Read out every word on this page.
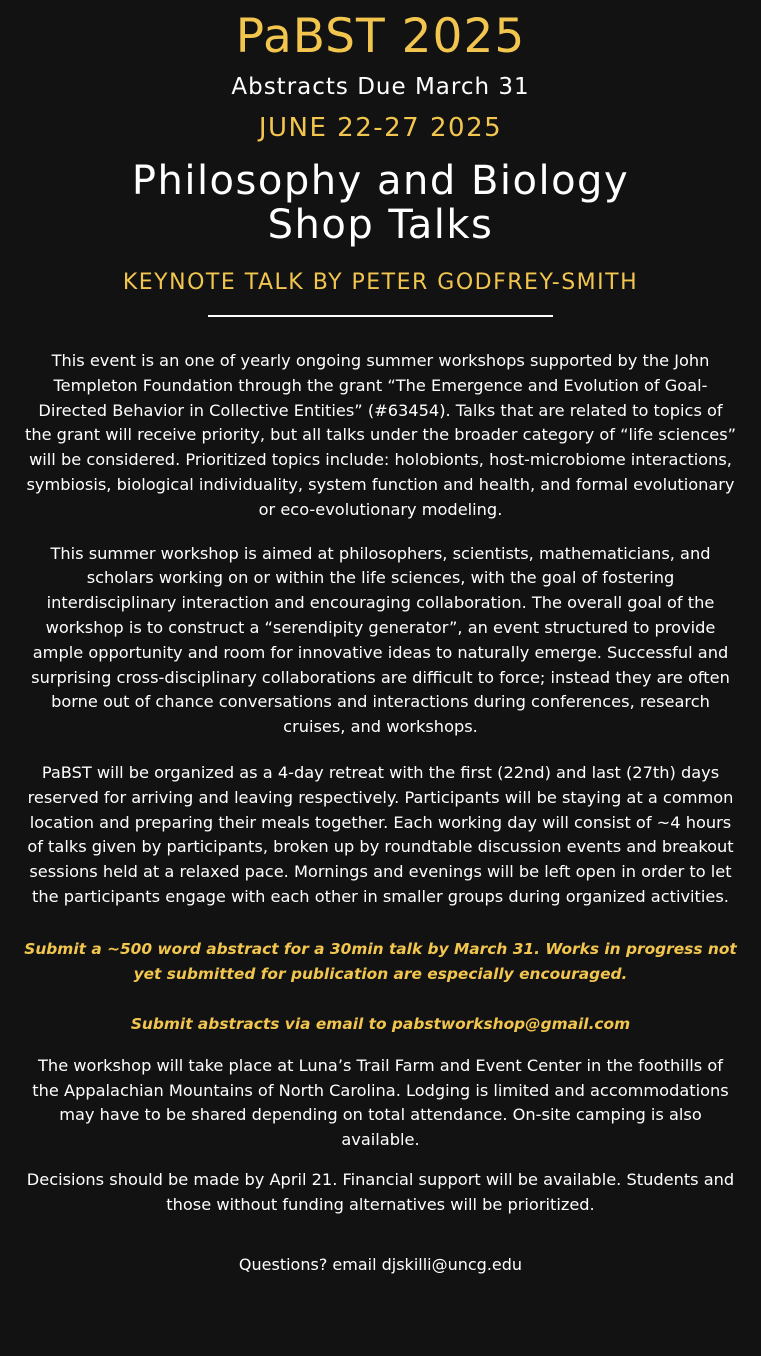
PaBST 2025
Abstracts Due March 31
JUNE 22-27 2025
Philosophy and Biology
Shop Talks
KEYNOTE TALK BY PETER GODFREY-SMITH

This event is an one of yearly ongoing summer workshops supported by the John Templeton Foundation through the grant “The Emergence and Evolution of Goal-Directed Behavior in Collective Entities” (#63454). Talks that are related to topics of the grant will receive priority, but all talks under the broader category of “life sciences” will be considered. Prioritized topics include: holobionts, host-microbiome interactions, symbiosis, biological individuality, system function and health, and formal evolutionary or eco-evolutionary modeling.

This summer workshop is aimed at philosophers, scientists, mathematicians, and scholars working on or within the life sciences, with the goal of fostering interdisciplinary interaction and encouraging collaboration. The overall goal of the workshop is to construct a “serendipity generator”, an event structured to provide ample opportunity and room for innovative ideas to naturally emerge. Successful and surprising cross-disciplinary collaborations are difficult to force; instead they are often borne out of chance conversations and interactions during conferences, research cruises, and workshops.

PaBST will be organized as a 4-day retreat with the first (22nd) and last (27th) days reserved for arriving and leaving respectively. Participants will be staying at a common location and preparing their meals together. Each working day will consist of ~4 hours of talks given by participants, broken up by roundtable discussion events and breakout sessions held at a relaxed pace. Mornings and evenings will be left open in order to let the participants engage with each other in smaller groups during organized activities.

Submit a ~500 word abstract for a 30min talk by March 31. Works in progress not yet submitted for publication are especially encouraged.

Submit abstracts via email to pabstworkshop@gmail.com

The workshop will take place at Luna’s Trail Farm and Event Center in the foothills of the Appalachian Mountains of North Carolina. Lodging is limited and accommodations may have to be shared depending on total attendance. On-site camping is also available.

Decisions should be made by April 21. Financial support will be available. Students and those without funding alternatives will be prioritized.

Questions? email djskilli@uncg.edu
